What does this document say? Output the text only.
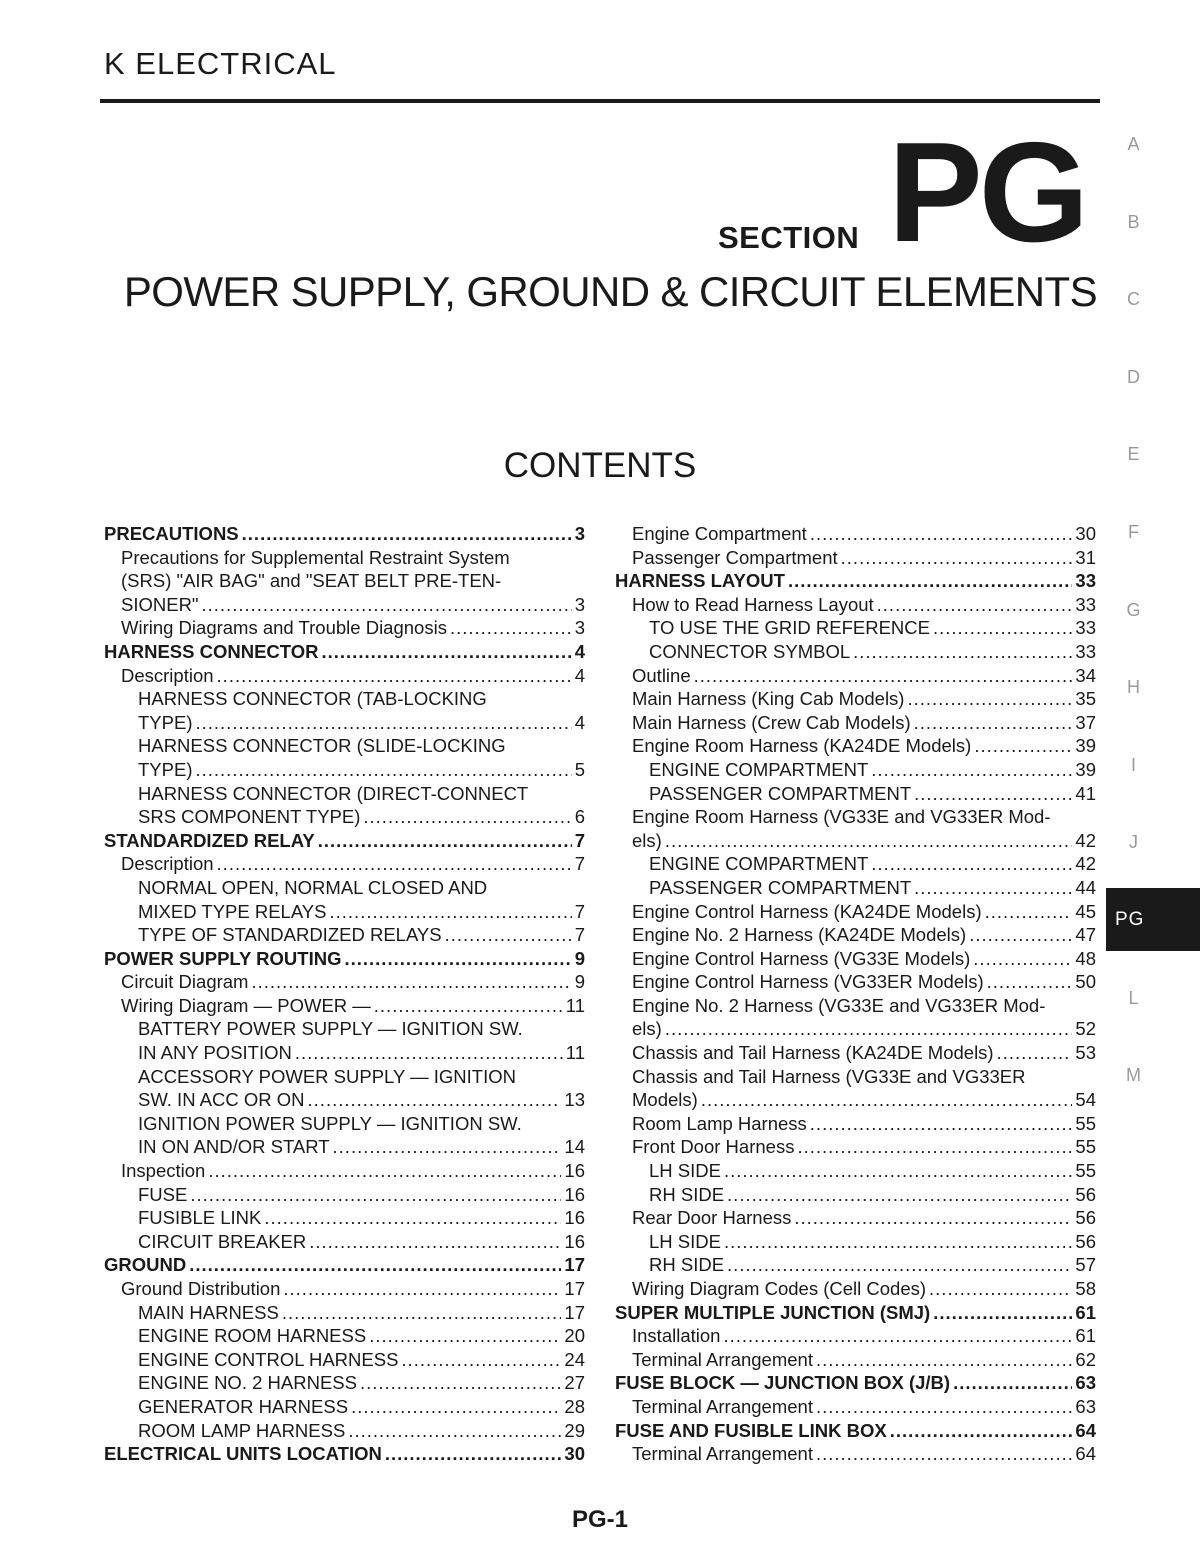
K ELECTRICAL
SECTION PG
POWER SUPPLY, GROUND & CIRCUIT ELEMENTS
CONTENTS
PRECAUTIONS .....	3
Precautions for Supplemental Restraint System
(SRS) "AIR BAG" and "SEAT BELT PRE-TEN-
SIONER" .....	3
Wiring Diagrams and Trouble Diagnosis .....	3
HARNESS CONNECTOR .....	4
Description .....	4
HARNESS CONNECTOR (TAB-LOCKING
TYPE) .....	4
HARNESS CONNECTOR (SLIDE-LOCKING
TYPE) .....	5
HARNESS CONNECTOR (DIRECT-CONNECT
SRS COMPONENT TYPE) .....	6
STANDARDIZED RELAY .....	7
Description .....	7
NORMAL OPEN, NORMAL CLOSED AND
MIXED TYPE RELAYS .....	7
TYPE OF STANDARDIZED RELAYS .....	7
POWER SUPPLY ROUTING .....	9
Circuit Diagram .....	9
Wiring Diagram — POWER — .....	11
BATTERY POWER SUPPLY — IGNITION SW.
IN ANY POSITION .....	11
ACCESSORY POWER SUPPLY — IGNITION
SW. IN ACC OR ON .....	13
IGNITION POWER SUPPLY — IGNITION SW.
IN ON AND/OR START .....	14
Inspection .....	16
FUSE .....	16
FUSIBLE LINK .....	16
CIRCUIT BREAKER .....	16
GROUND .....	17
Ground Distribution .....	17
MAIN HARNESS .....	17
ENGINE ROOM HARNESS .....	20
ENGINE CONTROL HARNESS .....	24
ENGINE NO. 2 HARNESS .....	27
GENERATOR HARNESS .....	28
ROOM LAMP HARNESS .....	29
ELECTRICAL UNITS LOCATION .....	30
Engine Compartment .....	30
Passenger Compartment .....	31
HARNESS LAYOUT .....	33
How to Read Harness Layout .....	33
TO USE THE GRID REFERENCE .....	33
CONNECTOR SYMBOL .....	33
Outline .....	34
Main Harness (King Cab Models) .....	35
Main Harness (Crew Cab Models) .....	37
Engine Room Harness (KA24DE Models) .....	39
ENGINE COMPARTMENT .....	39
PASSENGER COMPARTMENT .....	41
Engine Room Harness (VG33E and VG33ER Mod-
els) .....	42
ENGINE COMPARTMENT .....	42
PASSENGER COMPARTMENT .....	44
Engine Control Harness (KA24DE Models) .....	45
Engine No. 2 Harness (KA24DE Models) .....	47
Engine Control Harness (VG33E Models) .....	48
Engine Control Harness (VG33ER Models) .....	50
Engine No. 2 Harness (VG33E and VG33ER Mod-
els) .....	52
Chassis and Tail Harness (KA24DE Models) .....	53
Chassis and Tail Harness (VG33E and VG33ER
Models) .....	54
Room Lamp Harness .....	55
Front Door Harness .....	55
LH SIDE .....	55
RH SIDE .....	56
Rear Door Harness .....	56
LH SIDE .....	56
RH SIDE .....	57
Wiring Diagram Codes (Cell Codes) .....	58
SUPER MULTIPLE JUNCTION (SMJ) .....	61
Installation .....	61
Terminal Arrangement .....	62
FUSE BLOCK — JUNCTION BOX (J/B) .....	63
Terminal Arrangement .....	63
FUSE AND FUSIBLE LINK BOX .....	64
Terminal Arrangement .....	64
A
B
C
D
E
F
G
H
I
J
PG
L
M
PG-1
